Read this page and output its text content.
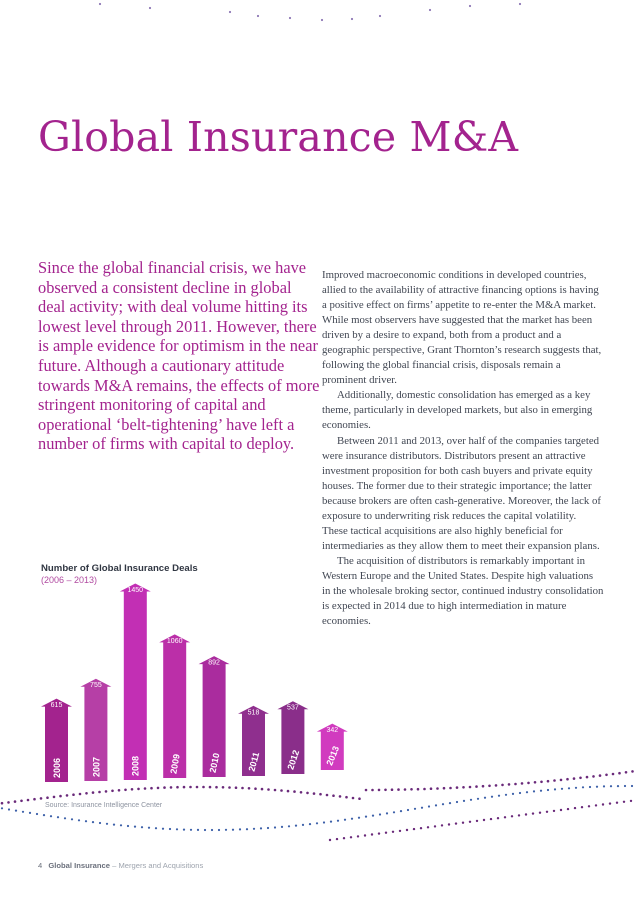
Global Insurance M&A

Since the global financial crisis, we have observed a consistent decline in global deal activity; with deal volume hitting its lowest level through 2011. However, there is ample evidence for optimism in the near future. Although a cautionary attitude towards M&A remains, the effects of more stringent monitoring of capital and operational ‘belt-tightening’ have left a number of firms with capital to deploy.

Improved macroeconomic conditions in developed countries, allied to the availability of attractive financing options is having a positive effect on firms’ appetite to re-enter the M&A market. While most observers have suggested that the market has been driven by a desire to expand, both from a product and a geographic perspective, Grant Thornton’s research suggests that, following the global financial crisis, disposals remain a prominent driver.

Additionally, domestic consolidation has emerged as a key theme, particularly in developed markets, but also in emerging economies.

Between 2011 and 2013, over half of the companies targeted were insurance distributors. Distributors present an attractive investment proposition for both cash buyers and private equity houses. The former due to their strategic importance; the latter because brokers are often cash-generative. Moreover, the lack of exposure to underwriting risk reduces the capital volatility. These tactical acquisitions are also highly beneficial for intermediaries as they allow them to meet their expansion plans.

The acquisition of distributors is remarkably important in Western Europe and the United States. Despite high valuations in the wholesale broking sector, continued industry consolidation is expected in 2014 due to high intermediation in mature economies.

615
2006
755
2007
1450
2008
1060
2009
892
2010
518
2011
537
2012
342
2013
Number of Global Insurance Deals
(2006 – 2013)
Source: Insurance Intelligence Center
4 Global Insurance – Mergers and Acquisitions
